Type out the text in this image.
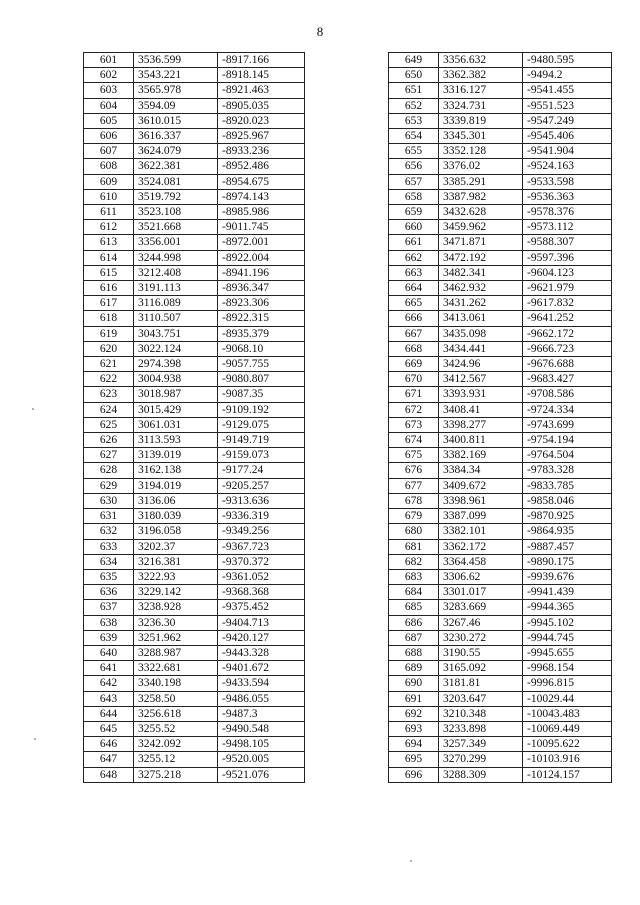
8
601	3536.599	-8917.166
602	3543.221	-8918.145
603	3565.978	-8921.463
604	3594.09	-8905.035
605	3610.015	-8920.023
606	3616.337	-8925.967
607	3624.079	-8933.236
608	3622.381	-8952.486
609	3524.081	-8954.675
610	3519.792	-8974.143
611	3523.108	-8985.986
612	3521.668	-9011.745
613	3356.001	-8972.001
614	3244.998	-8922.004
615	3212.408	-8941.196
616	3191.113	-8936.347
617	3116.089	-8923.306
618	3110.507	-8922.315
619	3043.751	-8935.379
620	3022.124	-9068.10
621	2974.398	-9057.755
622	3004.938	-9080.807
623	3018.987	-9087.35
624	3015.429	-9109.192
625	3061.031	-9129.075
626	3113.593	-9149.719
627	3139.019	-9159.073
628	3162.138	-9177.24
629	3194.019	-9205.257
630	3136.06	-9313.636
631	3180.039	-9336.319
632	3196.058	-9349.256
633	3202.37	-9367.723
634	3216.381	-9370.372
635	3222.93	-9361.052
636	3229.142	-9368.368
637	3238.928	-9375.452
638	3236.30	-9404.713
639	3251.962	-9420.127
640	3288.987	-9443.328
641	3322.681	-9401.672
642	3340.198	-9433.594
643	3258.50	-9486.055
644	3256.618	-9487.3
645	3255.52	-9490.548
646	3242.092	-9498.105
647	3255.12	-9520.005
648	3275.218	-9521.076
649	3356.632	-9480.595
650	3362.382	-9494.2
651	3316.127	-9541.455
652	3324.731	-9551.523
653	3339.819	-9547.249
654	3345.301	-9545.406
655	3352.128	-9541.904
656	3376.02	-9524.163
657	3385.291	-9533.598
658	3387.982	-9536.363
659	3432.628	-9578.376
660	3459.962	-9573.112
661	3471.871	-9588.307
662	3472.192	-9597.396
663	3482.341	-9604.123
664	3462.932	-9621.979
665	3431.262	-9617.832
666	3413.061	-9641.252
667	3435.098	-9662.172
668	3434.441	-9666.723
669	3424.96	-9676.688
670	3412.567	-9683.427
671	3393.931	-9708.586
672	3408.41	-9724.334
673	3398.277	-9743.699
674	3400.811	-9754.194
675	3382.169	-9764.504
676	3384.34	-9783.328
677	3409.672	-9833.785
678	3398.961	-9858.046
679	3387.099	-9870.925
680	3382.101	-9864.935
681	3362.172	-9887.457
682	3364.458	-9890.175
683	3306.62	-9939.676
684	3301.017	-9941.439
685	3283.669	-9944.365
686	3267.46	-9945.102
687	3230.272	-9944.745
688	3190.55	-9945.655
689	3165.092	-9968.154
690	3181.81	-9996.815
691	3203.647	-10029.44
692	3210.348	-10043.483
693	3233.898	-10069.449
694	3257.349	-10095.622
695	3270.299	-10103.916
696	3288.309	-10124.157
